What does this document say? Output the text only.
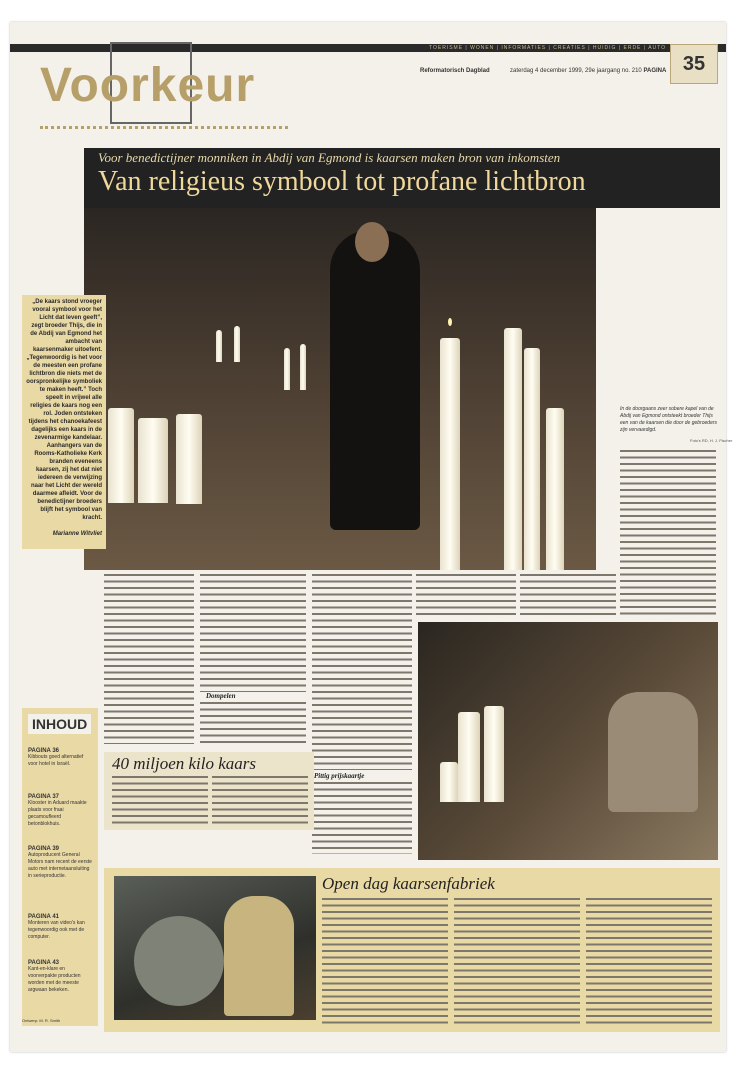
TOERISME | WONEN | INFORMATIES | CREATIES | HUIDIG | ERDE | AUTO
Voorkeur	Reformatorisch Dagblad	zaterdag 4 december 1999, 29e jaargang no. 210 PAGINA 35
Voor benedictijner monniken in Abdij van Egmond is kaarsen maken bron van inkomsten
Van religieus symbool tot profane lichtbron
„De kaars stond vroeger vooral symbool voor het Licht dat leven geeft”, zegt broeder Thijs, die in de Abdij van Egmond het ambacht van kaarsenmaker uitoefent. „Tegenwoordig is het voor de meesten een profane lichtbron die niets met de oorspronkelijke symboliek te maken heeft.” Toch speelt in vrijwel alle religies de kaars nog een rol. Joden ontsteken tijdens het chanoekafeest dagelijks een kaars in de zevenarmige kandelaar. Aanhangers van de Rooms-Katholieke Kerk branden eveneens kaarsen, zij het dat niet iedereen de verwijzing naar het Licht der wereld daarmee afleidt. Voor de benedictijner broeders blijft het symbool van kracht.

Marianne Witvliet
In de doorgaans zeer sobere kapel van de Abdij van Egmond ontsteekt broeder Thijs een van de kaarsen die door de gebroeders zijn vervaardigd.
Foto's RD, H. J. Fischer
Dompelen
Pittig prijskaartje
INHOUD
PAGINA 36
Kibbouts goed alternatief voor hotel in Israël.
PAGINA 37
Klooster in Aduard maakte plaats voor fraai gecamoufleerd betonblokhuis.
PAGINA 39
Autoproducent General Motors nam recent de eerste auto met internetaansluiting in serieproductie.
PAGINA 41
Monteren van video's kan tegenwoordig ook met de computer.
PAGINA 43
Kant-en-klare en voorverpakte producten worden met de meeste argwaan bekeken.
Ontwerp: M. R. Smith
40 miljoen kilo kaars
Open dag kaarsenfabriek
